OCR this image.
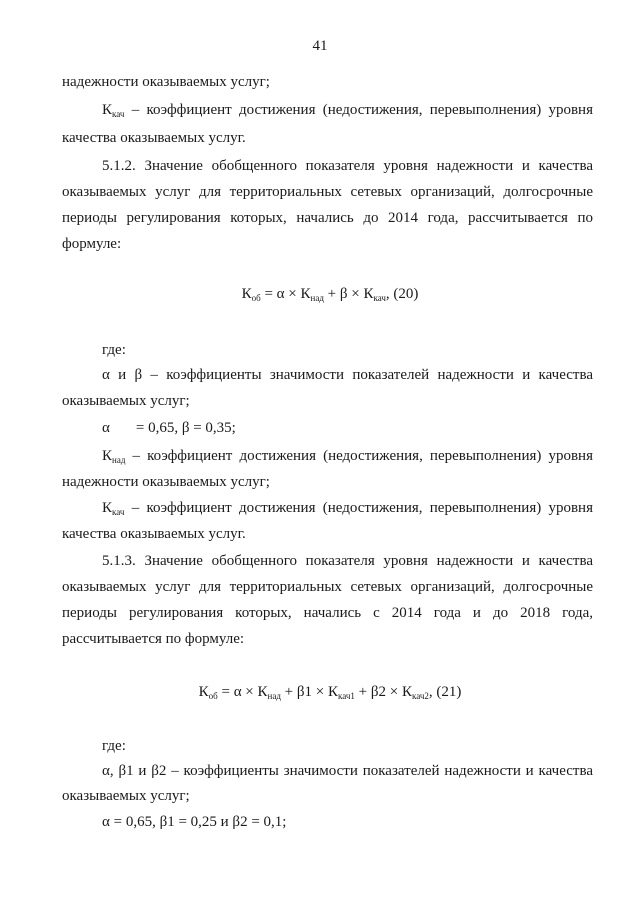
41
надежности оказываемых услуг;
$К_{кач}$ – коэффициент достижения (недостижения, перевыполнения) уровня
качества оказываемых услуг.
5.1.2. Значение обобщенного показателя уровня надежности и качества
оказываемых услуг для территориальных сетевых организаций, долгосрочные
периоды регулирования которых, начались до 2014 года, рассчитывается по
формуле:
$К_{об} = \alpha \times К_{над} + \beta \times К_{кач}$, (20)
где:
α и β – коэффициенты значимости показателей надежности и качества
оказываемых услуг;
α = 0,65, β = 0,35;
$К_{над}$ – коэффициент достижения (недостижения, перевыполнения) уровня
надежности оказываемых услуг;
$К_{кач}$ – коэффициент достижения (недостижения, перевыполнения) уровня
качества оказываемых услуг.
5.1.3. Значение обобщенного показателя уровня надежности и качества
оказываемых услуг для территориальных сетевых организаций, долгосрочные
периоды регулирования которых, начались с 2014 года и до 2018 года,
рассчитывается по формуле:
$К_{об} = \alpha \times К_{над} + \beta 1 \times К_{кач1} + \beta 2 \times К_{кач2}$, (21)
где:
α, β1 и β2 – коэффициенты значимости показателей надежности и качества
оказываемых услуг;
α = 0,65, β1 = 0,25 и β2 = 0,1;
